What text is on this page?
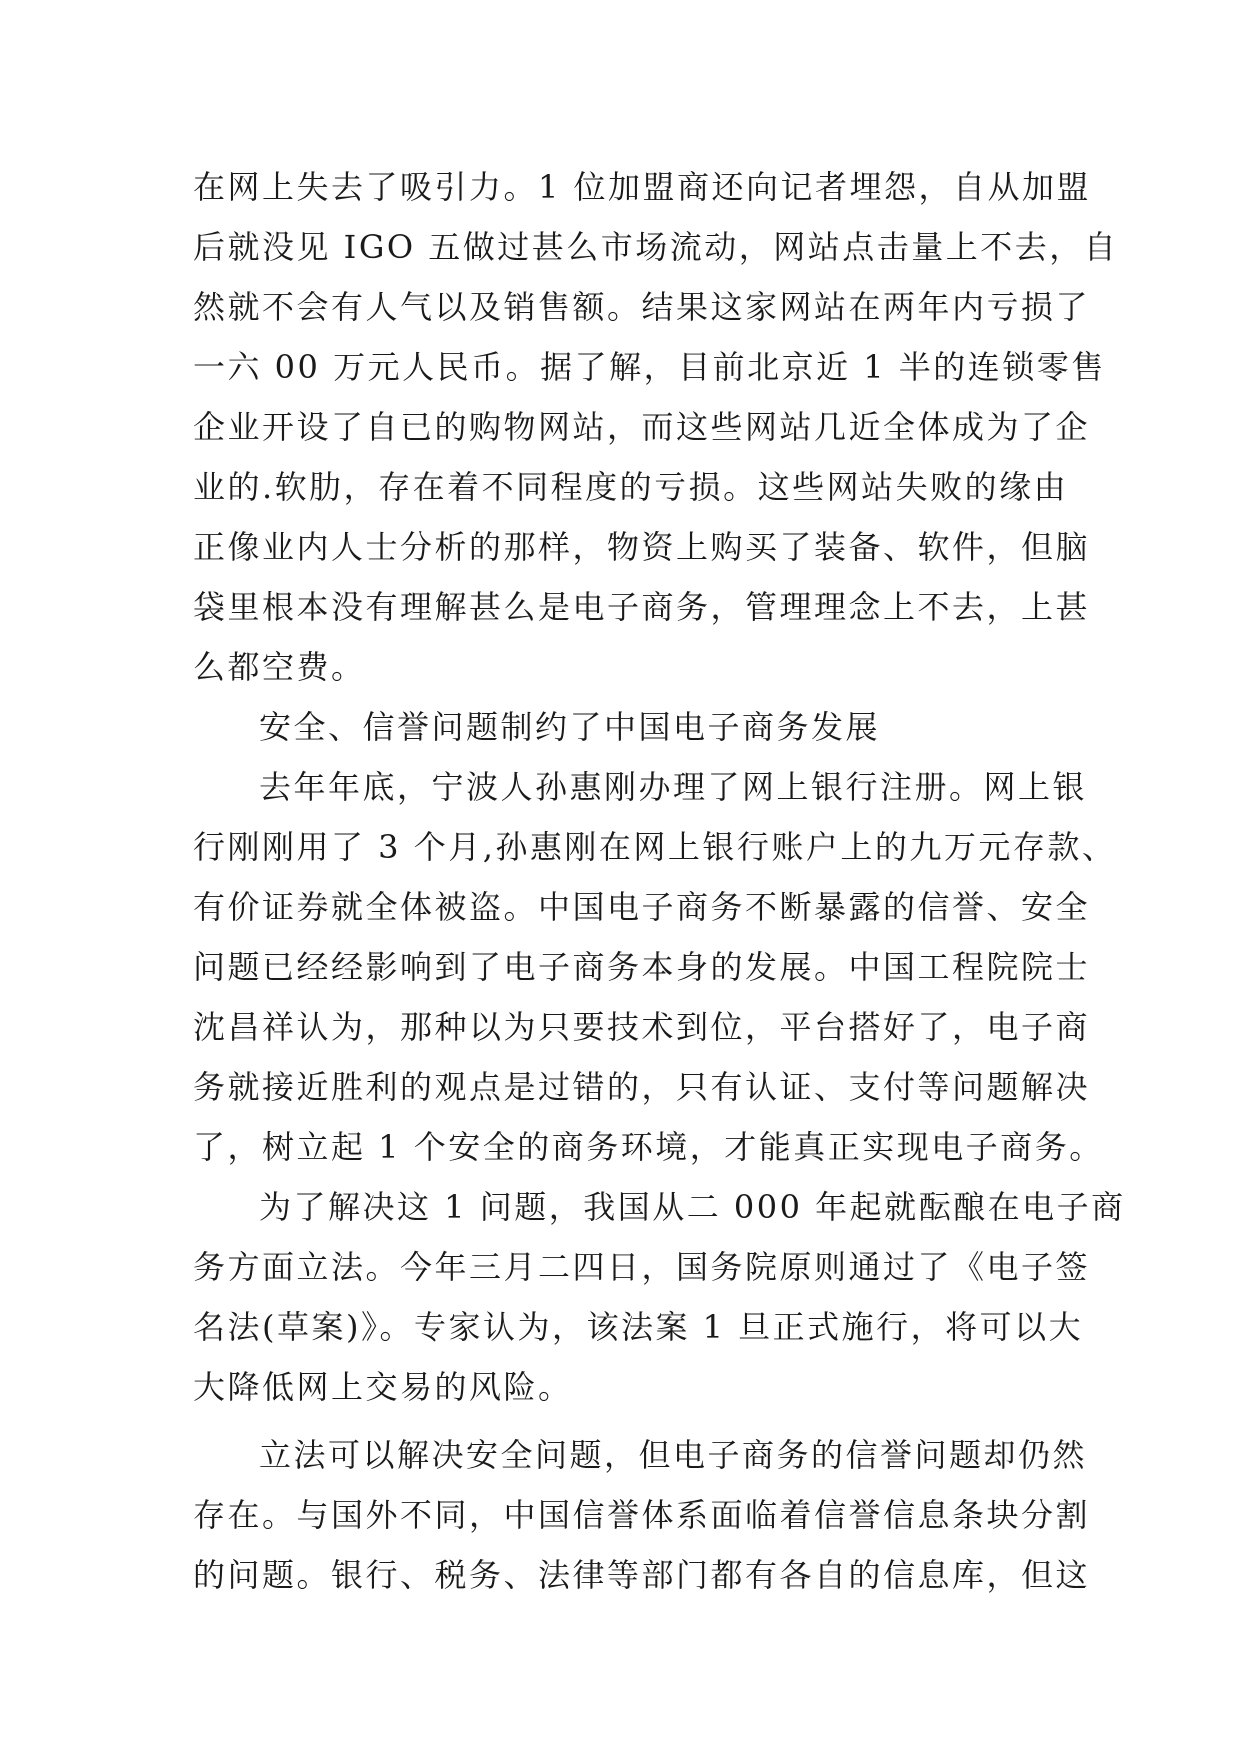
在网上失去了吸引力。1 位加盟商还向记者埋怨，自从加盟
后就没见 IGO 五做过甚么市场流动，网站点击量上不去，自
然就不会有人气以及销售额。结果这家网站在两年内亏损了
一六 00 万元人民币。据了解，目前北京近 1 半的连锁零售
企业开设了自已的购物网站，而这些网站几近全体成为了企
业的.软肋，存在着不同程度的亏损。这些网站失败的缘由
正像业内人士分析的那样，物资上购买了装备、软件，但脑
袋里根本没有理解甚么是电子商务，管理理念上不去，上甚
么都空费。
安全、信誉问题制约了中国电子商务发展
去年年底，宁波人孙惠刚办理了网上银行注册。网上银
行刚刚用了 3 个月,孙惠刚在网上银行账户上的九万元存款、
有价证券就全体被盗。中国电子商务不断暴露的信誉、安全
问题已经经影响到了电子商务本身的发展。中国工程院院士
沈昌祥认为，那种以为只要技术到位，平台搭好了，电子商
务就接近胜利的观点是过错的，只有认证、支付等问题解决
了，树立起 1 个安全的商务环境，才能真正实现电子商务。
为了解决这 1 问题，我国从二 000 年起就酝酿在电子商
务方面立法。今年三月二四日，国务院原则通过了《电子签
名法(草案)》。专家认为，该法案 1 旦正式施行，将可以大
大降低网上交易的风险。
立法可以解决安全问题，但电子商务的信誉问题却仍然
存在。与国外不同，中国信誉体系面临着信誉信息条块分割
的问题。银行、税务、法律等部门都有各自的信息库，但这
